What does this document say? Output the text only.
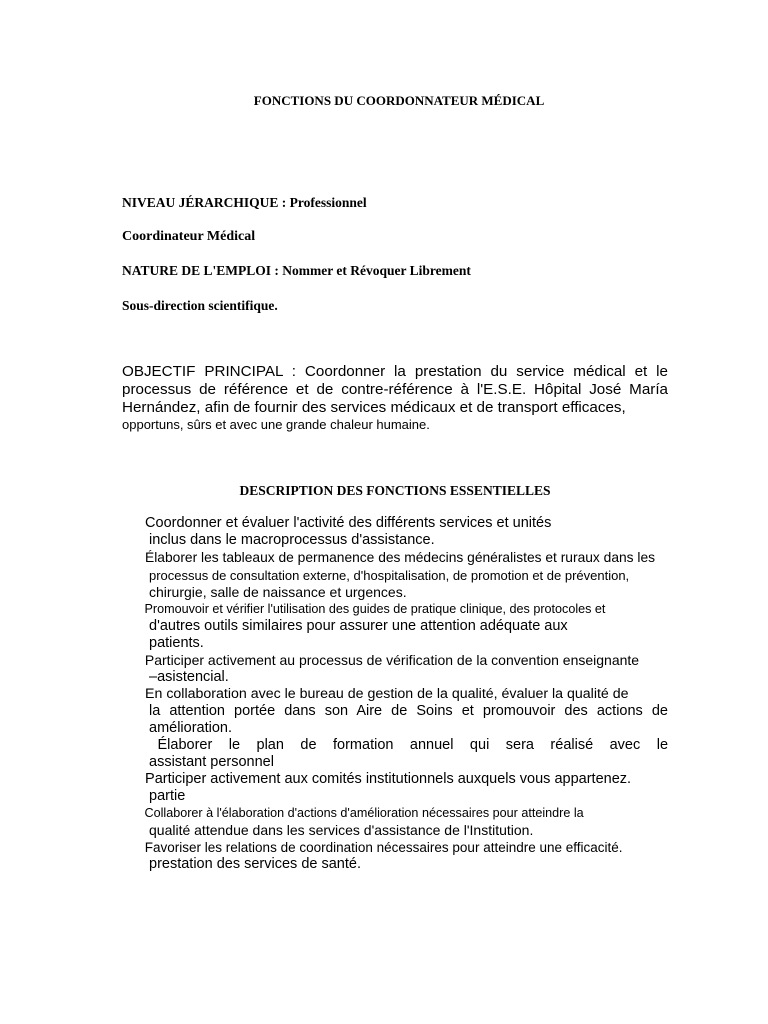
FONCTIONS DU COORDONNATEUR MÉDICAL
NIVEAU JÉRARCHIQUE : Professionnel
Coordinateur Médical
NATURE DE L'EMPLOI : Nommer et Révoquer Librement
Sous-direction scientifique.
OBJECTIF PRINCIPAL : Coordonner la prestation du service médical et le
processus de référence et de contre-référence à l'E.S.E. Hôpital José María
Hernández, afin de fournir des services médicaux et de transport efficaces,
opportuns, sûrs et avec une grande chaleur humaine.
DESCRIPTION DES FONCTIONS ESSENTIELLES
Coordonner et évaluer l'activité des différents services et unités
inclus dans le macroprocessus d'assistance.
Élaborer les tableaux de permanence des médecins généralistes et ruraux dans les
processus de consultation externe, d'hospitalisation, de promotion et de prévention,
chirurgie, salle de naissance et urgences.
Promouvoir et vérifier l'utilisation des guides de pratique clinique, des protocoles et
d'autres outils similaires pour assurer une attention adéquate aux
patients.
Participer activement au processus de vérification de la convention enseignante
–asistencial.
En collaboration avec le bureau de gestion de la qualité, évaluer la qualité de
la attention portée dans son Aire de Soins et promouvoir des actions de
amélioration.
Élaborer le plan de formation annuel qui sera réalisé avec le
assistant personnel
Participer activement aux comités institutionnels auxquels vous appartenez.
partie
Collaborer à l'élaboration d'actions d'amélioration nécessaires pour atteindre la
qualité attendue dans les services d'assistance de l'Institution.
Favoriser les relations de coordination nécessaires pour atteindre une efficacité.
prestation des services de santé.
